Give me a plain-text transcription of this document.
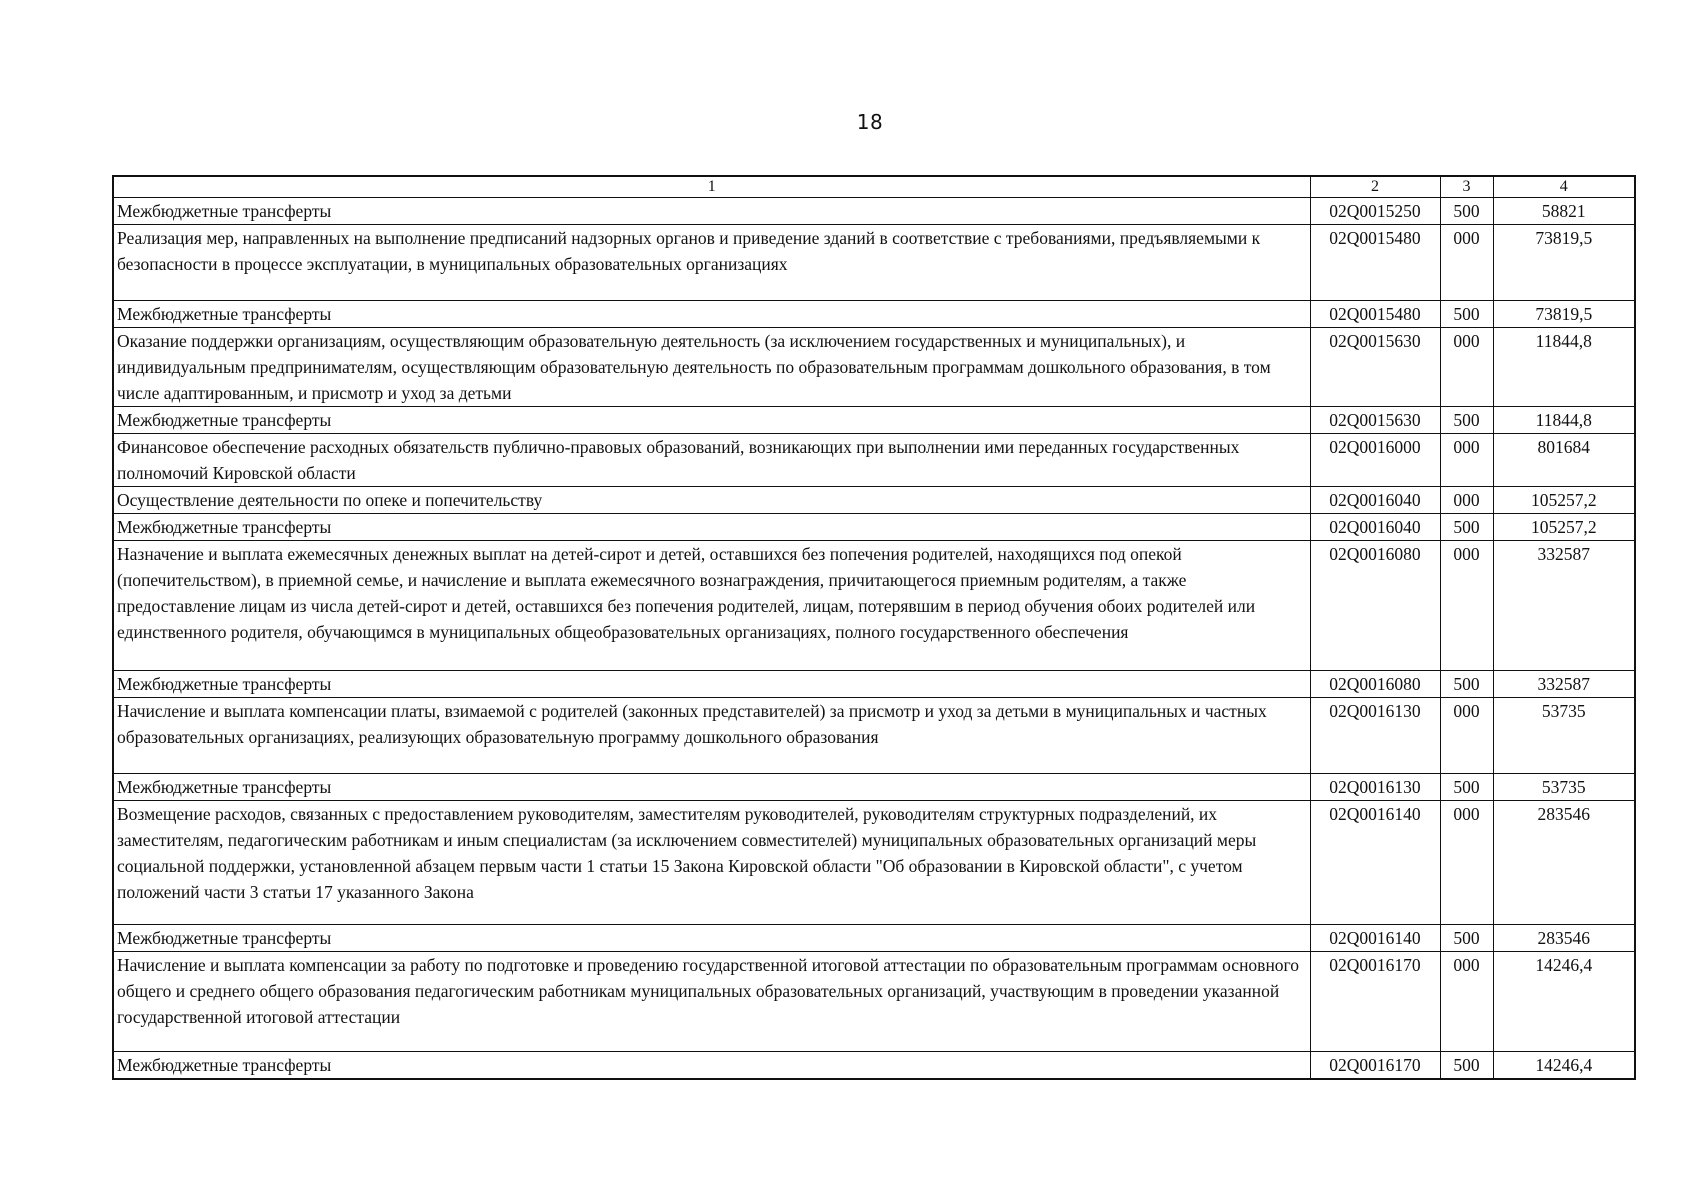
18
1	2	3	4
Межбюджетные трансферты	02Q0015250	500	58821
Реализация мер, направленных на выполнение предписаний надзорных органов и приведение зданий в соответствие с требованиями, предъявляемыми к безопасности в процессе эксплуатации, в муниципальных образовательных организациях	02Q0015480	000	73819,5
Межбюджетные трансферты	02Q0015480	500	73819,5
Оказание поддержки организациям, осуществляющим образовательную деятельность (за исключением государственных и муниципальных), и индивидуальным предпринимателям, осуществляющим образовательную деятельность по образовательным программам дошкольного образования, в том числе адаптированным, и присмотр и уход за детьми	02Q0015630	000	11844,8
Межбюджетные трансферты	02Q0015630	500	11844,8
Финансовое обеспечение расходных обязательств публично-правовых образований, возникающих при выполнении ими переданных государственных полномочий Кировской области	02Q0016000	000	801684
Осуществление деятельности по опеке и попечительству	02Q0016040	000	105257,2
Межбюджетные трансферты	02Q0016040	500	105257,2
Назначение и выплата ежемесячных денежных выплат на детей-сирот и детей, оставшихся без попечения родителей, находящихся под опекой (попечительством), в приемной семье, и начисление и выплата ежемесячного вознаграждения, причитающегося приемным родителям, а также предоставление лицам из числа детей-сирот и детей, оставшихся без попечения родителей, лицам, потерявшим в период обучения обоих родителей или единственного родителя, обучающимся в муниципальных общеобразовательных организациях, полного государственного обеспечения	02Q0016080	000	332587
Межбюджетные трансферты	02Q0016080	500	332587
Начисление и выплата компенсации платы, взимаемой с родителей (законных представителей) за присмотр и уход за детьми в муниципальных и частных образовательных организациях, реализующих образовательную программу дошкольного образования	02Q0016130	000	53735
Межбюджетные трансферты	02Q0016130	500	53735
Возмещение расходов, связанных с предоставлением руководителям, заместителям руководителей, руководителям структурных подразделений, их заместителям, педагогическим работникам и иным специалистам (за исключением совместителей) муниципальных образовательных организаций меры социальной поддержки, установленной абзацем первым части 1 статьи 15 Закона Кировской области "Об образовании в Кировской области", с учетом положений части 3 статьи 17 указанного Закона	02Q0016140	000	283546
Межбюджетные трансферты	02Q0016140	500	283546
Начисление и выплата компенсации за работу по подготовке и проведению государственной итоговой аттестации по образовательным программам основного общего и среднего общего образования педагогическим работникам муниципальных образовательных организаций, участвующим в проведении указанной государственной итоговой аттестации	02Q0016170	000	14246,4
Межбюджетные трансферты	02Q0016170	500	14246,4
